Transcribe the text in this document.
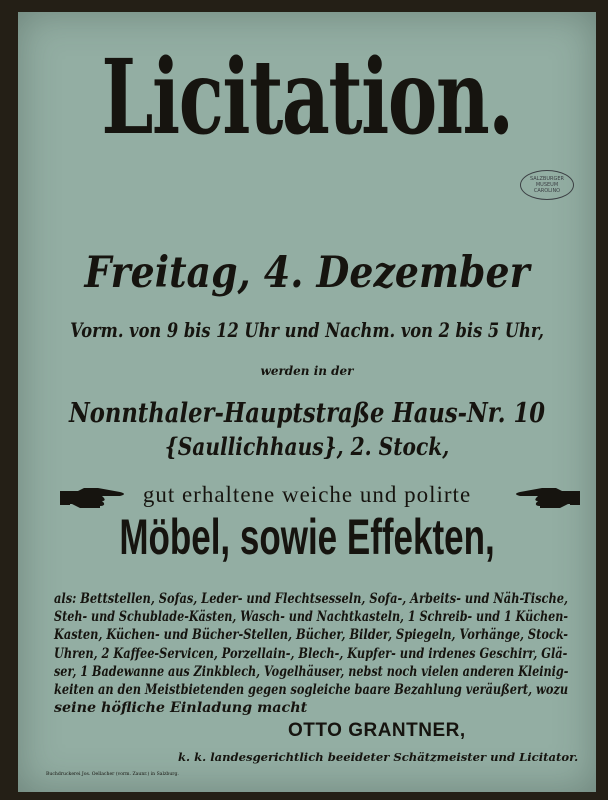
SALZBURGER
MUSEUM
CAROLINO
Licitation.
Freitag, 4. Dezember
Vorm. von 9 bis 12 Uhr und Nachm. von 2 bis 5 Uhr,
werden in der
Nonnthaler-Hauptstraße Haus-Nr. 10
{Saullichhaus}, 2. Stock,
gut erhaltene weiche und polirte
Möbel, sowie Effekten,
als: Bettstellen, Sofas, Leder- und Flechtsesseln, Sofa-, Arbeits- und Näh-Tische,
Steh- und Schublade-Kästen, Wasch- und Nachtkasteln, 1 Schreib- und 1 Küchen-
Kasten, Küchen- und Bücher-Stellen, Bücher, Bilder, Spiegeln, Vorhänge, Stock-
Uhren, 2 Kaffee-Servicen, Porzellain-, Blech-, Kupfer- und irdenes Geschirr, Glä-
ser, 1 Badewanne aus Zinkblech, Vogelhäuser, nebst noch vielen anderen Kleinig-
keiten an den Meistbietenden gegen sogleiche baare Bezahlung veräußert, wozu
seine höfliche Einladung macht
OTTO GRANTNER,
k. k. landesgerichtlich beeideter Schätzmeister und Licitator.
Buchdruckerei Jos. Oellacher (vorm. Zaunr.) in Salzburg.
